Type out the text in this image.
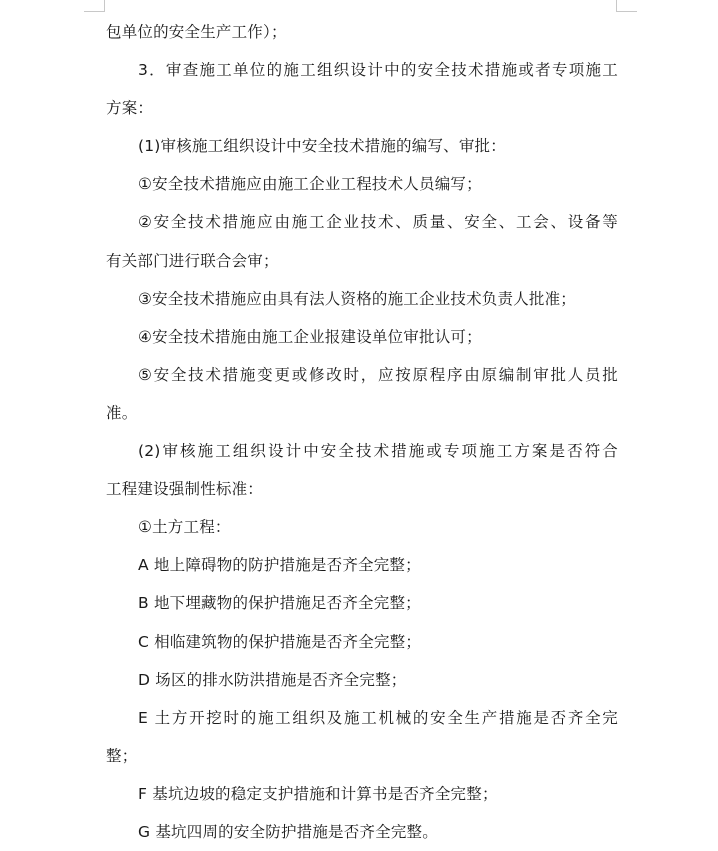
包单位的安全生产工作）；
3．审查施工单位的施工组织设计中的安全技术措施或者专项施工
方案：
(1)审核施工组织设计中安全技术措施的编写、审批：
①安全技术措施应由施工企业工程技术人员编写；
②安全技术措施应由施工企业技术、质量、安全、工会、设备等
有关部门进行联合会审；
③安全技术措施应由具有法人资格的施工企业技术负责人批准；
④安全技术措施由施工企业报建设单位审批认可；
⑤安全技术措施变更或修改时，应按原程序由原编制审批人员批
准。
(2)审核施工组织设计中安全技术措施或专项施工方案是否符合
工程建设强制性标准：
①土方工程：
A 地上障碍物的防护措施是否齐全完整；
B 地下埋藏物的保护措施足否齐全完整；
C 相临建筑物的保护措施是否齐全完整；
D 场区的排水防洪措施是否齐全完整；
E 土方开挖时的施工组织及施工机械的安全生产措施是否齐全完
整；
F 基坑边坡的稳定支护措施和计算书是否齐全完整；
G 基坑四周的安全防护措施是否齐全完整。
